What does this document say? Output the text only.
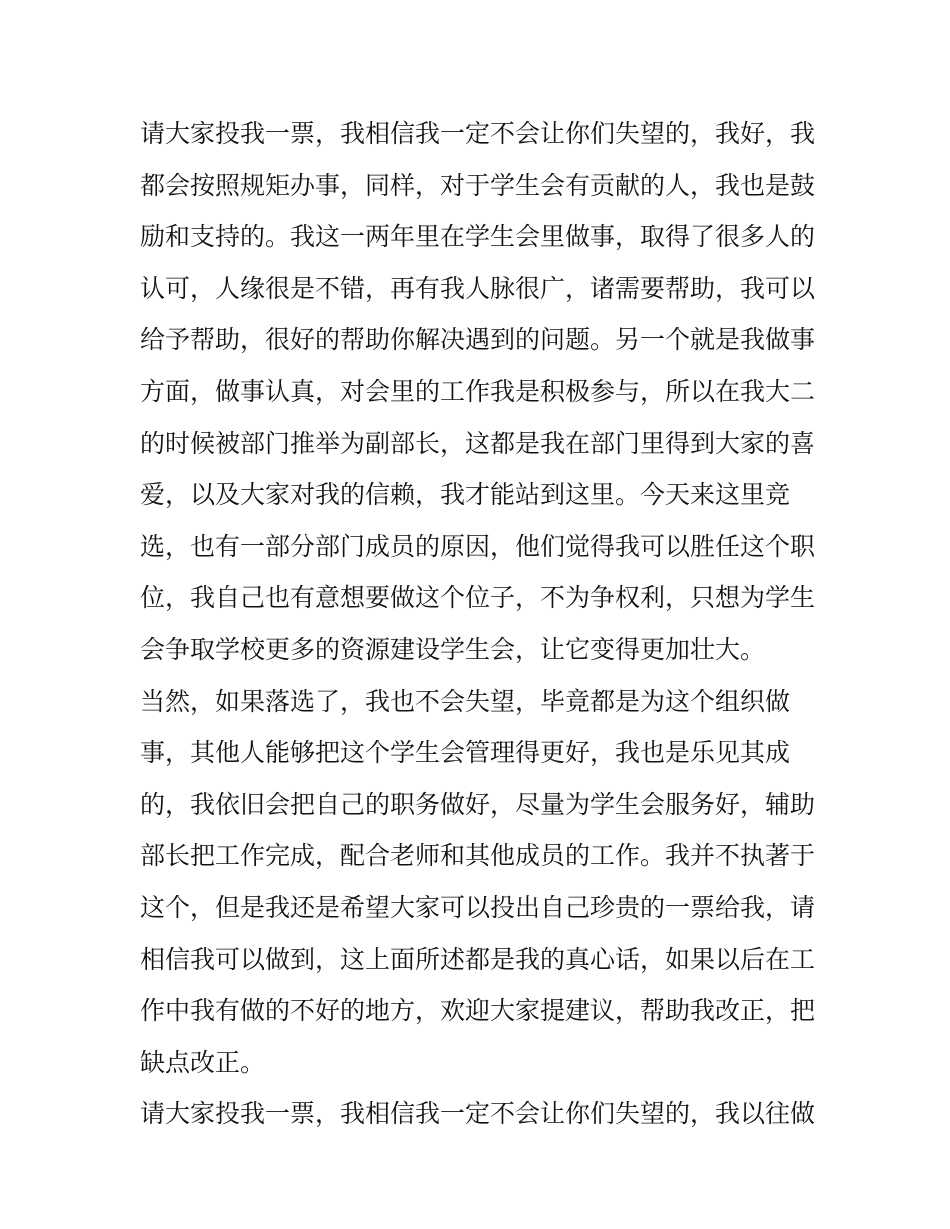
请大家投我一票，我相信我一定不会让你们失望的，我好，我
都会按照规矩办事，同样，对于学生会有贡献的人，我也是鼓
励和支持的。我这一两年里在学生会里做事，取得了很多人的
认可，人缘很是不错，再有我人脉很广，诸需要帮助，我可以
给予帮助，很好的帮助你解决遇到的问题。另一个就是我做事
方面，做事认真，对会里的工作我是积极参与，所以在我大二
的时候被部门推举为副部长，这都是我在部门里得到大家的喜
爱，以及大家对我的信赖，我才能站到这里。今天来这里竞
选，也有一部分部门成员的原因，他们觉得我可以胜任这个职
位，我自己也有意想要做这个位子，不为争权利，只想为学生
会争取学校更多的资源建设学生会，让它变得更加壮大。
当然，如果落选了，我也不会失望，毕竟都是为这个组织做
事，其他人能够把这个学生会管理得更好，我也是乐见其成
的，我依旧会把自己的职务做好，尽量为学生会服务好，辅助
部长把工作完成，配合老师和其他成员的工作。我并不执著于
这个，但是我还是希望大家可以投出自己珍贵的一票给我，请
相信我可以做到，这上面所述都是我的真心话，如果以后在工
作中我有做的不好的地方，欢迎大家提建议，帮助我改正，把
缺点改正。
请大家投我一票，我相信我一定不会让你们失望的，我以往做
